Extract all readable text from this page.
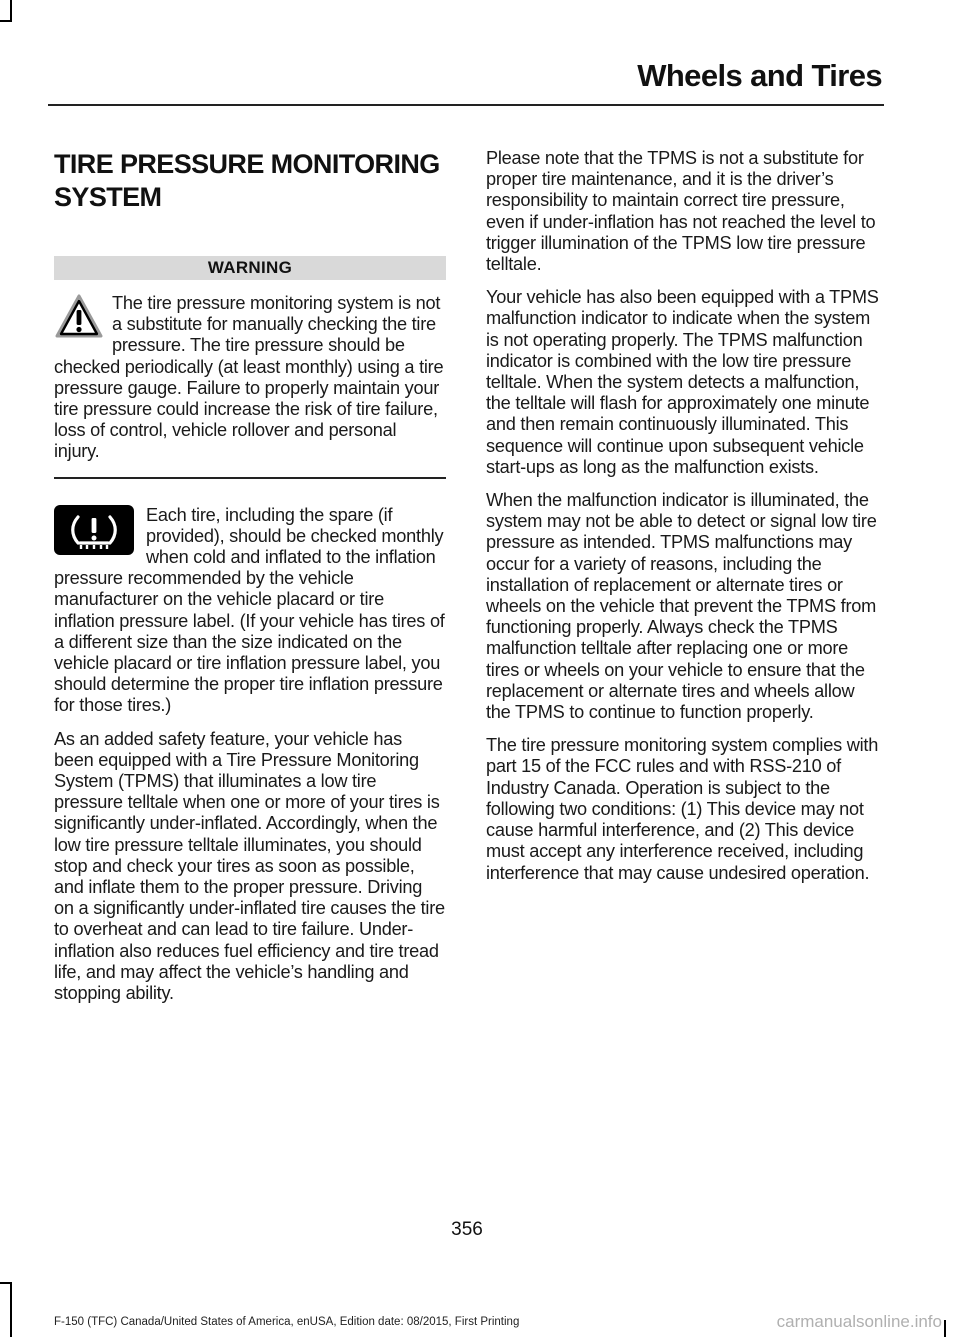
Wheels and Tires
TIRE PRESSURE MONITORING SYSTEM
WARNING

The tire pressure monitoring system is not a substitute for manually checking the tire pressure. The tire pressure should be checked periodically (at least monthly) using a tire pressure gauge. Failure to properly maintain your tire pressure could increase the risk of tire failure, loss of control, vehicle rollover and personal injury.

Each tire, including the spare (if provided), should be checked monthly when cold and inflated to the inflation pressure recommended by the vehicle manufacturer on the vehicle placard or tire inflation pressure label. (If your vehicle has tires of a different size than the size indicated on the vehicle placard or tire inflation pressure label, you should determine the proper tire inflation pressure for those tires.)

As an added safety feature, your vehicle has been equipped with a Tire Pressure Monitoring System (TPMS) that illuminates a low tire pressure telltale when one or more of your tires is significantly under-inflated. Accordingly, when the low tire pressure telltale illuminates, you should stop and check your tires as soon as possible, and inflate them to the proper pressure. Driving on a significantly under-inflated tire causes the tire to overheat and can lead to tire failure. Under-inflation also reduces fuel efficiency and tire tread life, and may affect the vehicle’s handling and stopping ability.

Please note that the TPMS is not a substitute for proper tire maintenance, and it is the driver’s responsibility to maintain correct tire pressure, even if under-inflation has not reached the level to trigger illumination of the TPMS low tire pressure telltale.

Your vehicle has also been equipped with a TPMS malfunction indicator to indicate when the system is not operating properly. The TPMS malfunction indicator is combined with the low tire pressure telltale. When the system detects a malfunction, the telltale will flash for approximately one minute and then remain continuously illuminated. This sequence will continue upon subsequent vehicle start-ups as long as the malfunction exists.

When the malfunction indicator is illuminated, the system may not be able to detect or signal low tire pressure as intended. TPMS malfunctions may occur for a variety of reasons, including the installation of replacement or alternate tires or wheels on the vehicle that prevent the TPMS from functioning properly. Always check the TPMS malfunction telltale after replacing one or more tires or wheels on your vehicle to ensure that the replacement or alternate tires and wheels allow the TPMS to continue to function properly.

The tire pressure monitoring system complies with part 15 of the FCC rules and with RSS-210 of Industry Canada. Operation is subject to the following two conditions: (1) This device may not cause harmful interference, and (2) This device must accept any interference received, including interference that may cause undesired operation.

356
F-150 (TFC) Canada/United States of America, enUSA, Edition date: 08/2015, First Printing	carmanualsonline.info
